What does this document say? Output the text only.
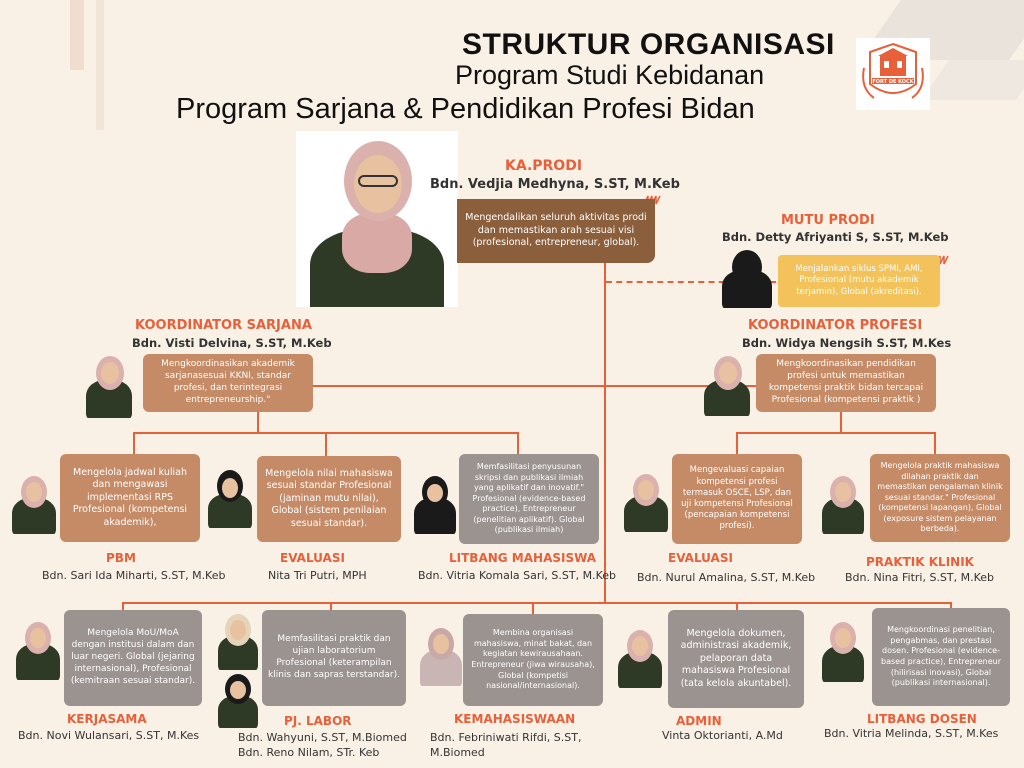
STRUKTUR ORGANISASI
Program Studi Kebidanan
Program Sarjana & Pendidikan Profesi Bidan
FORT DE KOCK
KA.PRODI
Bdn. Vedjia Medhyna, S.ST, M.Keb
Mengendalikan seluruh aktivitas prodi dan memastikan arah sesuai visi (profesional, entrepreneur, global).
MUTU PRODI
Bdn. Detty Afriyanti S, S.ST, M.Keb
Menjalankan siklus SPMI, AMI, Profesional (mutu akademik terjamin), Global (akreditasi).
KOORDINATOR SARJANA
Bdn. Visti Delvina, S.ST, M.Keb
Mengkoordinasikan akademik sarjanasesuai KKNI, standar profesi, dan terintegrasi entrepreneurship."
KOORDINATOR PROFESI
Bdn. Widya Nengsih S.ST, M.Kes
Mengkoordinasikan pendidikan profesi untuk memastikan kompetensi praktik bidan tercapai Profesional (kompetensi praktik )
Mengelola jadwal kuliah dan mengawasi implementasi RPS Profesional (kompetensi akademik),
PBM
Bdn. Sari Ida Miharti, S.ST, M.Keb
Mengelola nilai mahasiswa sesuai standar Profesional (jaminan mutu nilai), Global (sistem penilaian sesuai standar).
EVALUASI
Nita Tri Putri, MPH
Memfasilitasi penyusunan skripsi dan publikasi ilmiah yang aplikatif dan inovatif." Profesional (evidence-based practice), Entrepreneur (penelitian aplikatif). Global (publikasi ilmiah)
LITBANG MAHASISWA
Bdn. Vitria Komala Sari, S.ST, M.Keb
Mengevaluasi capaian kompetensi profesi termasuk OSCE, LSP, dan uji kompetensi Profesional (pencapaian kompetensi profesi).
EVALUASI
Bdn. Nurul Amalina, S.ST, M.Keb
Mengelola praktik mahasiswa dilahan praktik dan memastikan pengalaman klinik sesuai standar." Profesional (kompetensi lapangan), Global (exposure sistem pelayanan berbeda).
PRAKTIK KLINIK
Bdn. Nina Fitri, S.ST, M.Keb
Mengelola MoU/MoA dengan institusi dalam dan luar negeri. Global (jejaring internasional), Profesional (kemitraan sesuai standar).
KERJASAMA
Bdn. Novi Wulansari, S.ST, M.Kes
Memfasilitasi praktik dan ujian laboratorium Profesional (keterampilan klinis dan sapras terstandar).
PJ. LABOR
Bdn. Wahyuni, S.ST, M.Biomed
Bdn. Reno Nilam, STr. Keb
Membina organisasi mahasiswa, minat bakat, dan kegiatan kewirausahaan. Entrepreneur (jiwa wirausaha), Global (kompetisi nasional/internasional).
KEMAHASISWAAN
Bdn. Febriniwati Rifdi, S.ST,
M.Biomed
Mengelola dokumen, administrasi akademik, pelaporan data mahasiswa Profesional (tata kelola akuntabel).
ADMIN
Vinta Oktorianti, A.Md
Mengkoordinasi penelitian, pengabmas, dan prestasi dosen. Profesional (evidence-based practice), Entrepreneur (hilirisasi inovasi), Global (publikasi internasional).
LITBANG DOSEN
Bdn. Vitria Melinda, S.ST, M.Kes
